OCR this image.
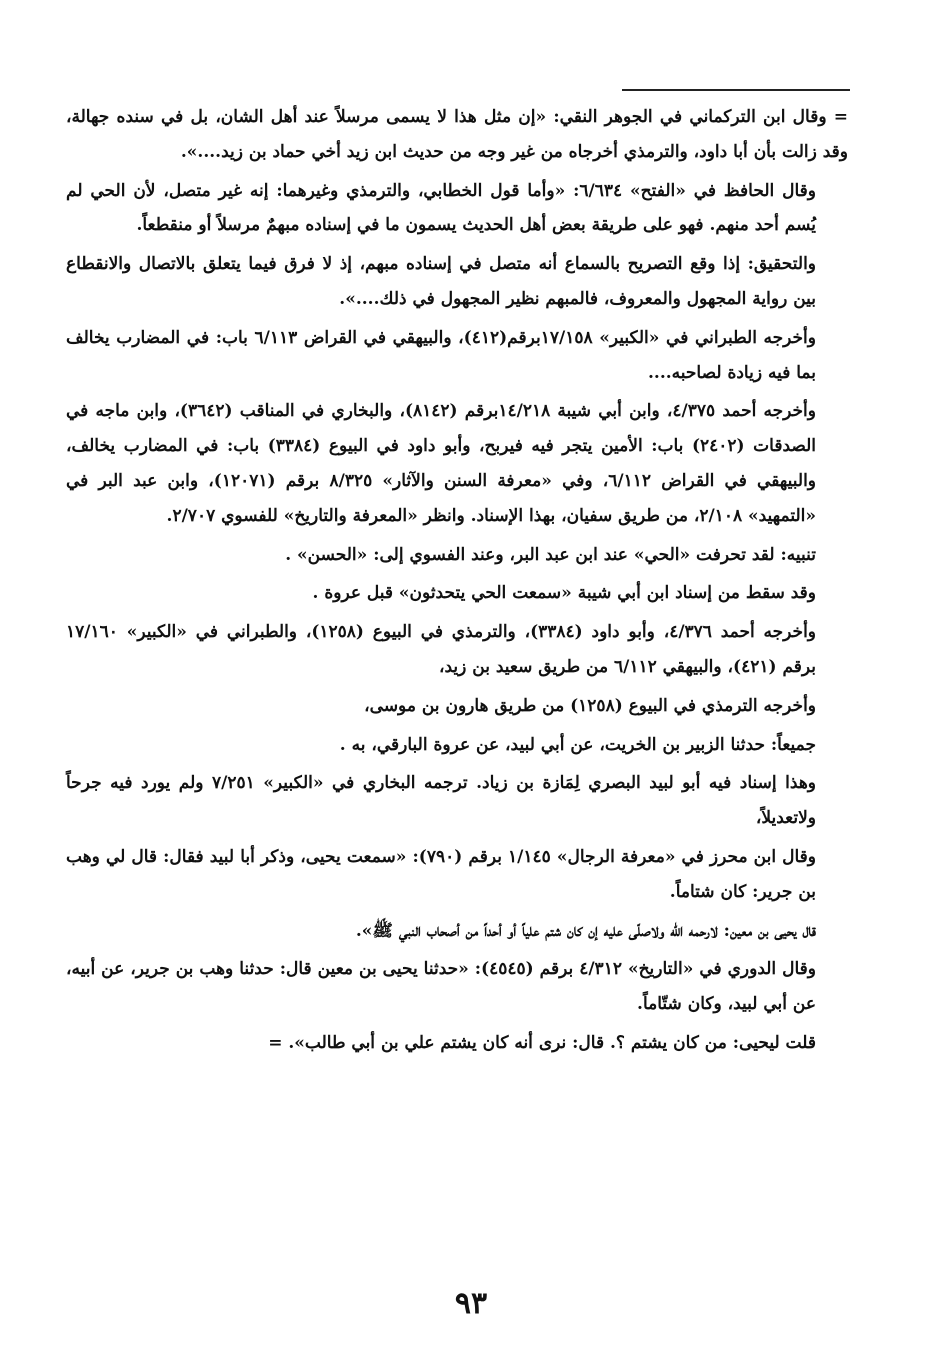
= وقال ابن التركماني في الجوهر النقي: «إن مثل هذا لا يسمى مرسلاً عند أهل الشان، بل في سنده جهالة، وقد زالت بأن أبا داود، والترمذي أخرجاه من غير وجه من حديث ابن زيد أخي حماد بن زيد....».

وقال الحافظ في «الفتح» ٦/٦٣٤: «وأما قول الخطابي، والترمذي وغيرهما: إنه غير متصل، لأن الحي لم يُسم أحد منهم. فهو على طريقة بعض أهل الحديث يسمون ما في إسناده مبهمٌ مرسلاً أو منقطعاً.

والتحقيق: إذا وقع التصريح بالسماع أنه متصل في إسناده مبهم، إذ لا فرق فيما يتعلق بالاتصال والانقطاع بين رواية المجهول والمعروف، فالمبهم نظير المجهول في ذلك....».

وأخرجه الطبراني في «الكبير» ١٧/١٥٨برقم(٤١٢)، والبيهقي في القراض ٦/١١٣ باب: في المضارب يخالف بما فيه زيادة لصاحبه....

وأخرجه أحمد ٤/٣٧٥، وابن أبي شيبة ١٤/٢١٨برقم (٨١٤٢)، والبخاري في المناقب (٣٦٤٢)، وابن ماجه في الصدقات (٢٤٠٢) باب: الأمين يتجر فيه فيربح، وأبو داود في البيوع (٣٣٨٤) باب: في المضارب يخالف، والبيهقي في القراض ٦/١١٢، وفي «معرفة السنن والآثار» ٨/٣٢٥ برقم (١٢٠٧١)، وابن عبد البر في «التمهيد» ٢/١٠٨، من طريق سفيان، بهذا الإسناد. وانظر «المعرفة والتاريخ» للفسوي ٢/٧٠٧.

تنبيه: لقد تحرفت «الحي» عند ابن عبد البر، وعند الفسوي إلى: «الحسن» .

وقد سقط من إسناد ابن أبي شيبة «سمعت الحي يتحدثون» قبل عروة .

وأخرجه أحمد ٤/٣٧٦، وأبو داود (٣٣٨٤)، والترمذي في البيوع (١٢٥٨)، والطبراني في «الكبير» ١٧/١٦٠ برقم (٤٢١)، والبيهقي ٦/١١٢ من طريق سعيد بن زيد،

وأخرجه الترمذي في البيوع (١٢٥٨) من طريق هارون بن موسى،

جميعاً: حدثنا الزبير بن الخريت، عن أبي لبيد، عن عروة البارقي، به .

وهذا إسناد فيه أبو لبيد البصري لِمَازة بن زياد. ترجمه البخاري في «الكبير» ٧/٢٥١ ولم يورد فيه جرحاً ولاتعديلاً،

وقال ابن محرز في «معرفة الرجال» ١/١٤٥ برقم (٧٩٠): «سمعت يحيى، وذكر أبا لبيد فقال: قال لي وهب بن جرير: كان شتاماً.

قال يحيى بن معين: لارحمه الله ولاصلّى عليه إن كان شتم علياً أو أحداً من أصحاب النبي ﷺ».

وقال الدوري في «التاريخ» ٤/٣١٢ برقم (٤٥٤٥): «حدثنا يحيى بن معين قال: حدثنا وهب بن جرير، عن أبيه، عن أبي لبيد، وكان شتّاماً.

قلت ليحيى: من كان يشتم ؟. قال: نرى أنه كان يشتم علي بن أبي طالب». =

٩٣
